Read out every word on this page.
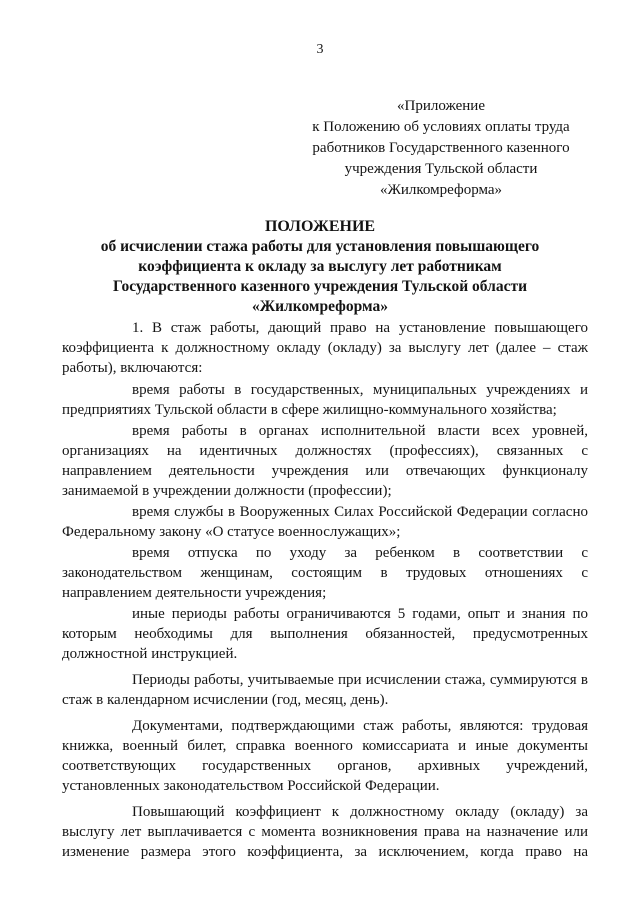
3
«Приложение
к Положению об условиях оплаты труда
работников Государственного казенного
учреждения Тульской области
«Жилкомреформа»
ПОЛОЖЕНИЕ
об исчислении стажа работы для установления повышающего
коэффициента к окладу за выслугу лет работникам
Государственного казенного учреждения Тульской области
«Жилкомреформа»

1. В стаж работы, дающий право на установление повышающего коэффициента к должностному окладу (окладу) за выслугу лет (далее – стаж работы), включаются:

время работы в государственных, муниципальных учреждениях и предприятиях Тульской области в сфере жилищно-коммунального хозяйства;

время работы в органах исполнительной власти всех уровней, организациях на идентичных должностях (профессиях), связанных с направлением деятельности учреждения или отвечающих функционалу занимаемой в учреждении должности (профессии);

время службы в Вооруженных Силах Российской Федерации согласно Федеральному закону «О статусе военнослужащих»;

время отпуска по уходу за ребенком в соответствии с законодательством женщинам, состоящим в трудовых отношениях с направлением деятельности учреждения;

иные периоды работы ограничиваются 5 годами, опыт и знания по которым необходимы для выполнения обязанностей, предусмотренных должностной инструкцией.

Периоды работы, учитываемые при исчислении стажа, суммируются в стаж в календарном исчислении (год, месяц, день).

Документами, подтверждающими стаж работы, являются: трудовая книжка, военный билет, справка военного комиссариата и иные документы соответствующих государственных органов, архивных учреждений, установленных законодательством Российской Федерации.

Повышающий коэффициент к должностному окладу (окладу) за выслугу лет выплачивается с момента возникновения права на назначение или изменение размера этого коэффициента, за исключением, когда право на
